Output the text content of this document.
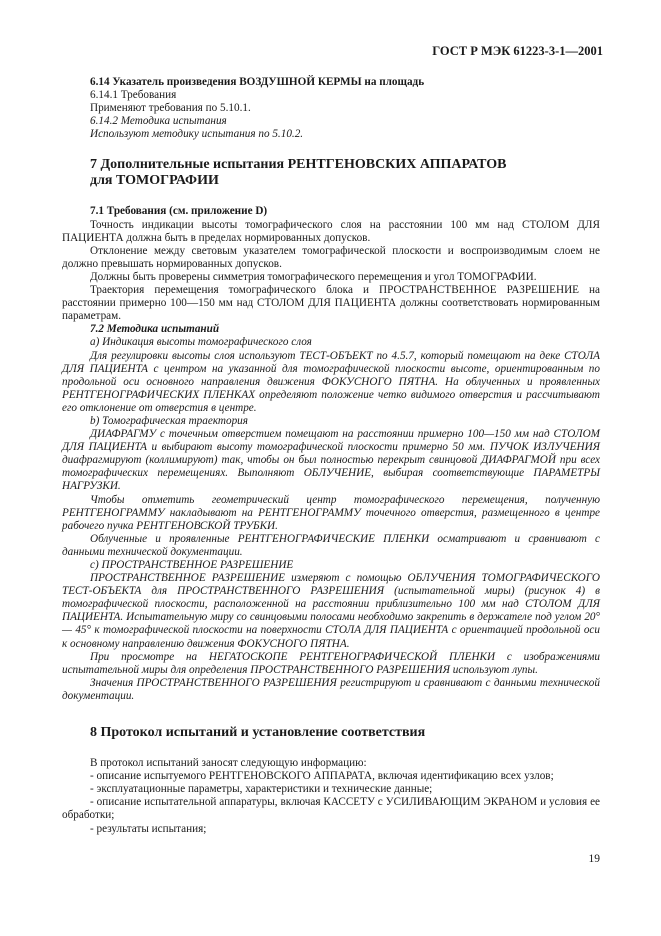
ГОСТ Р МЭК 61223-3-1—2001

6.14 Указатель произведения ВОЗДУШНОЙ КЕРМЫ на площадь

6.14.1 Требования

Применяют требования по 5.10.1.

6.14.2 Методика испытания

Используют методику испытания по 5.10.2.

7 Дополнительные испытания РЕНТГЕНОВСКИХ АППАРАТОВ
для ТОМОГРАФИИ

7.1 Требования (см. приложение D)

Точность индикации высоты томографического слоя на расстоянии 100 мм над СТОЛОМ ДЛЯ ПАЦИЕНТА должна быть в пределах нормированных допусков.

Отклонение между световым указателем томографической плоскости и воспроизводимым слоем не должно превышать нормированных допусков.

Должны быть проверены симметрия томографического перемещения и угол ТОМОГРАФИИ.

Траектория перемещения томографического блока и ПРОСТРАНСТВЕННОЕ РАЗРЕШЕНИЕ на расстоянии примерно 100—150 мм над СТОЛОМ ДЛЯ ПАЦИЕНТА должны соответствовать нормированным параметрам.

7.2 Методика испытаний

а) Индикация высоты томографического слоя

Для регулировки высоты слоя используют ТЕСТ-ОБЪЕКТ по 4.5.7, который помещают на деке СТОЛА ДЛЯ ПАЦИЕНТА с центром на указанной для томографической плоскости высоте, ориентированным по продольной оси основного направления движения ФОКУСНОГО ПЯТНА. На облученных и проявленных РЕНТГЕНОГРАФИЧЕСКИХ ПЛЕНКАХ определяют положение четко видимого отверстия и рассчитывают его отклонение от отверстия в центре.

b) Томографическая траектория

ДИАФРАГМУ с точечным отверстием помещают на расстоянии примерно 100—150 мм над СТОЛОМ ДЛЯ ПАЦИЕНТА и выбирают высоту томографической плоскости примерно 50 мм. ПУЧОК ИЗЛУЧЕНИЯ диафрагмируют (коллимируют) так, чтобы он был полностью перекрыт свинцовой ДИАФРАГМОЙ при всех томографических перемещениях. Выполняют ОБЛУЧЕНИЕ, выбирая соответствующие ПАРАМЕТРЫ НАГРУЗКИ.

Чтобы отметить геометрический центр томографического перемещения, полученную РЕНТГЕНОГРАММУ накладывают на РЕНТГЕНОГРАММУ точечного отверстия, размещенного в центре рабочего пучка РЕНТГЕНОВСКОЙ ТРУБКИ.

Облученные и проявленные РЕНТГЕНОГРАФИЧЕСКИЕ ПЛЕНКИ осматривают и сравнивают с данными технической документации.

с) ПРОСТРАНСТВЕННОЕ РАЗРЕШЕНИЕ

ПРОСТРАНСТВЕННОЕ РАЗРЕШЕНИЕ измеряют с помощью ОБЛУЧЕНИЯ ТОМОГРАФИЧЕСКОГО ТЕСТ-ОБЪЕКТА для ПРОСТРАНСТВЕННОГО РАЗРЕШЕНИЯ (испытательной миры) (рисунок 4) в томографической плоскости, расположенной на расстоянии приблизительно 100 мм над СТОЛОМ ДЛЯ ПАЦИЕНТА. Испытательную миру со свинцовыми полосами необходимо закрепить в держателе под углом 20° — 45° к томографической плоскости на поверхности СТОЛА ДЛЯ ПАЦИЕНТА с ориентацией продольной оси к основному направлению движения ФОКУСНОГО ПЯТНА.

При просмотре на НЕГАТОСКОПЕ РЕНТГЕНОГРАФИЧЕСКОЙ ПЛЕНКИ с изображениями испытательной миры для определения ПРОСТРАНСТВЕННОГО РАЗРЕШЕНИЯ используют лупы.

Значения ПРОСТРАНСТВЕННОГО РАЗРЕШЕНИЯ регистрируют и сравнивают с данными технической документации.

8 Протокол испытаний и установление соответствия

В протокол испытаний заносят следующую информацию:

- описание испытуемого РЕНТГЕНОВСКОГО АППАРАТА, включая идентификацию всех узлов;

- эксплуатационные параметры, характеристики и технические данные;

- описание испытательной аппаратуры, включая КАССЕТУ с УСИЛИВАЮЩИМ ЭКРАНОМ и условия ее обработки;

- результаты испытания;

19
